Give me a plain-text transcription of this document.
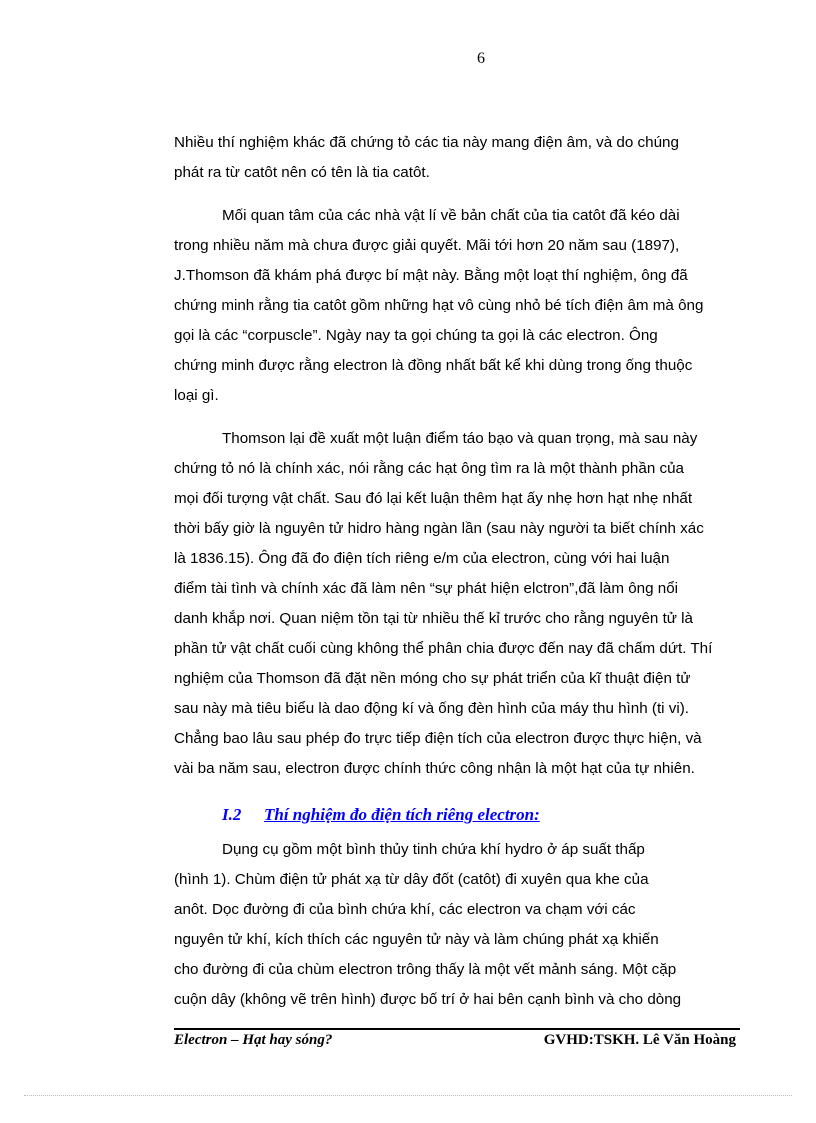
6
Nhiều thí nghiệm khác đã chứng tỏ các tia này mang điện âm, và do chúng
phát ra từ catôt nên có tên là tia catôt.
Mối quan tâm của các nhà vật lí về bản chất của tia catôt đã kéo dài
trong nhiều năm mà chưa được giải quyết. Mãi tới hơn 20 năm sau (1897),
J.Thomson đã khám phá được bí mật này. Bằng một loạt thí nghiệm, ông đã
chứng minh rằng tia catôt gồm những hạt vô cùng nhỏ bé tích điện âm mà ông
gọi là các “corpuscle”. Ngày nay ta gọi chúng ta gọi là các electron. Ông
chứng minh được rằng electron là đồng nhất bất kể khi dùng trong ống thuộc
loại gì.
Thomson lại đề xuất một luận điểm táo bạo và quan trọng, mà sau này
chứng tỏ nó là chính xác, nói rằng các hạt ông tìm ra là một thành phần của
mọi đối tượng vật chất. Sau đó lại kết luận thêm hạt ấy nhẹ hơn hạt nhẹ nhất
thời bấy giờ là nguyên tử hidro hàng ngàn lần (sau này người ta biết chính xác
là 1836.15). Ông đã đo điện tích riêng e/m của electron, cùng với hai luận
điểm tài tình và chính xác đã làm nên “sự phát hiện elctron”,đã làm ông nổi
danh khắp nơi. Quan niệm tồn tại từ nhiều thế kỉ trước cho rằng nguyên tử là
phần tử vật chất cuối cùng không thể phân chia được đến nay đã chấm dứt. Thí
nghiệm của Thomson đã đặt nền móng cho sự phát triển của kĩ thuật điện tử
sau này mà tiêu biểu là dao động kí và ống đèn hình của máy thu hình (ti vi).
Chẳng bao lâu sau phép đo trực tiếp điện tích của electron được thực hiện, và
vài ba năm sau, electron được chính thức công nhận là một hạt của tự nhiên.
I.2 Thí nghiệm đo điện tích riêng electron:
Dụng cụ gồm một bình thủy tinh chứa khí hydro ở áp suất thấp
(hình 1). Chùm điện tử phát xạ từ dây đốt (catôt) đi xuyên qua khe của
anôt. Dọc đường đi của bình chứa khí, các electron va chạm với các
nguyên tử khí, kích thích các nguyên tử này và làm chúng phát xạ khiến
cho đường đi của chùm electron trông thấy là một vết mảnh sáng. Một cặp
cuộn dây (không vẽ trên hình) được bố trí ở hai bên cạnh bình và cho dòng
Electron – Hạt hay sóng?	GVHD:TSKH. Lê Văn Hoàng
